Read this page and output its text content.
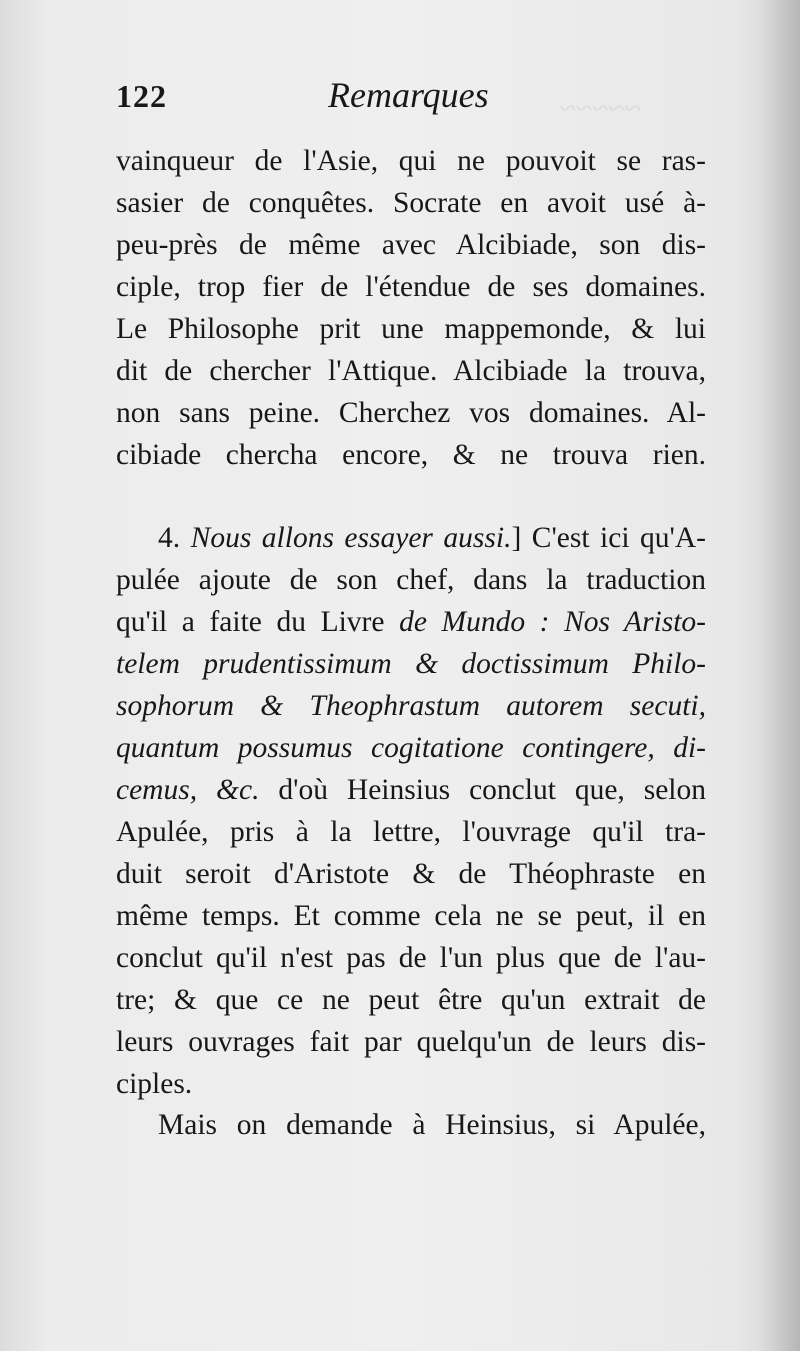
~~~~~
122	Remarques
vainqueur de l'Asie, qui ne pouvoit se ras-
sasier de conquêtes. Socrate en avoit usé à-
peu-près de même avec Alcibiade, son dis-
ciple, trop fier de l'étendue de ses domaines.
Le Philosophe prit une mappemonde, & lui
dit de chercher l'Attique. Alcibiade la trouva,
non sans peine. Cherchez vos domaines. Al-
cibiade chercha encore, & ne trouva rien.
4. Nous allons essayer aussi.] C'est ici qu'A-
pulée ajoute de son chef, dans la traduction
qu'il a faite du Livre de Mundo : Nos Aristo-
telem prudentissimum & doctissimum Philo-
sophorum & Theophrastum autorem secuti,
quantum possumus cogitatione contingere, di-
cemus, &c. d'où Heinsius conclut que, selon
Apulée, pris à la lettre, l'ouvrage qu'il tra-
duit seroit d'Aristote & de Théophraste en
même temps. Et comme cela ne se peut, il en
conclut qu'il n'est pas de l'un plus que de l'au-
tre; & que ce ne peut être qu'un extrait de
leurs ouvrages fait par quelqu'un de leurs dis-
ciples.
Mais on demande à Heinsius, si Apulée,
